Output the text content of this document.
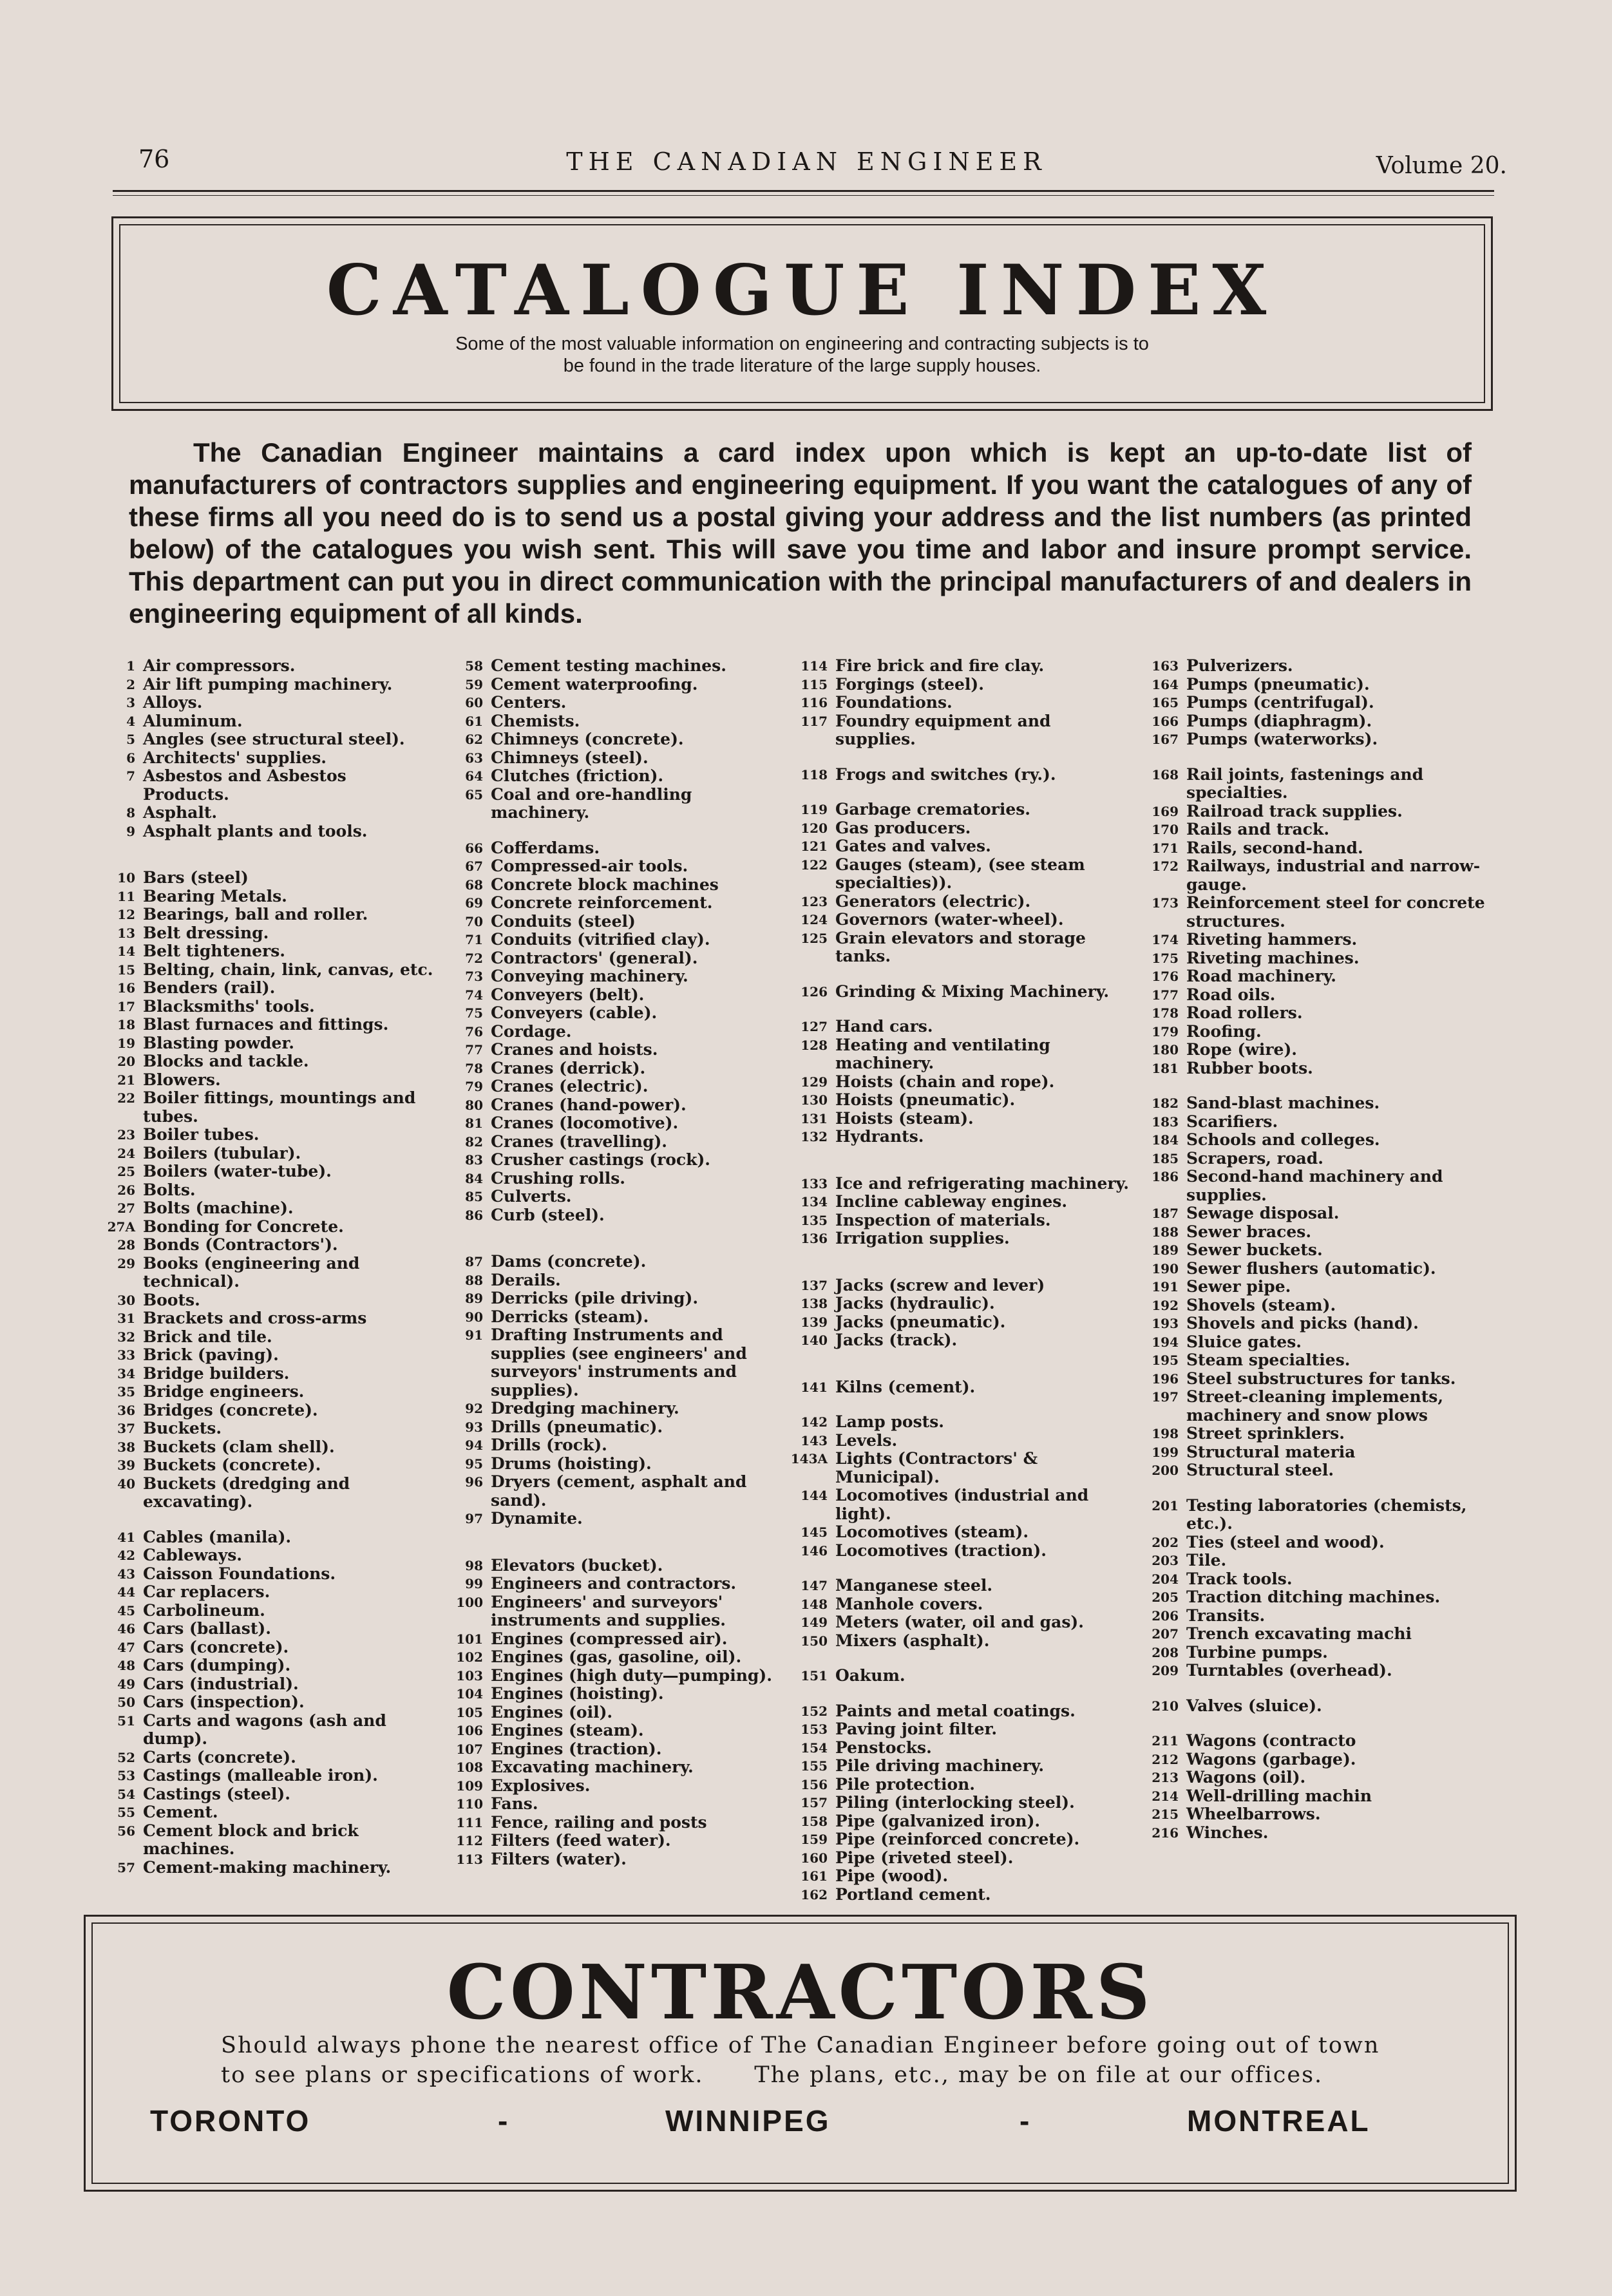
76	THE CANADIAN ENGINEER	Volume 20.
CATALOGUE INDEX
Some of the most valuable information on engineering and contracting subjects is to
be found in the trade literature of the large supply houses.
The Canadian Engineer maintains a card index upon which is kept an up-to-date list of manufacturers of contractors supplies and engineering equipment. If you want the catalogues of any of these firms all you need do is to send us a postal giving your address and the list numbers (as printed below) of the catalogues you wish sent. This will save you time and labor and insure prompt service. This department can put you in direct communication with the principal manufacturers of and dealers in engineering equipment of all kinds.
1 Air compressors.
2 Air lift pumping machinery.
3 Alloys.
4 Aluminum.
5 Angles (see structural steel).
6 Architects' supplies.
7 Asbestos and Asbestos Products.
8 Asphalt.
9 Asphalt plants and tools.
10 Bars (steel)
11 Bearing Metals.
12 Bearings, ball and roller.
13 Belt dressing.
14 Belt tighteners.
15 Belting, chain, link, canvas, etc.
16 Benders (rail).
17 Blacksmiths' tools.
18 Blast furnaces and fittings.
19 Blasting powder.
20 Blocks and tackle.
21 Blowers.
22 Boiler fittings, mountings and tubes.
23 Boiler tubes.
24 Boilers (tubular).
25 Boilers (water-tube).
26 Bolts.
27 Bolts (machine).
27A Bonding for Concrete.
28 Bonds (Contractors').
29 Books (engineering and technical).
30 Boots.
31 Brackets and cross-arms
32 Brick and tile.
33 Brick (paving).
34 Bridge builders.
35 Bridge engineers.
36 Bridges (concrete).
37 Buckets.
38 Buckets (clam shell).
39 Buckets (concrete).
40 Buckets (dredging and excavating).
41 Cables (manila).
42 Cableways.
43 Caisson Foundations.
44 Car replacers.
45 Carbolineum.
46 Cars (ballast).
47 Cars (concrete).
48 Cars (dumping).
49 Cars (industrial).
50 Cars (inspection).
51 Carts and wagons (ash and dump).
52 Carts (concrete).
53 Castings (malleable iron).
54 Castings (steel).
55 Cement.
56 Cement block and brick machines.
57 Cement-making machinery.
58 Cement testing machines.
59 Cement waterproofing.
60 Centers.
61 Chemists.
62 Chimneys (concrete).
63 Chimneys (steel).
64 Clutches (friction).
65 Coal and ore-handling machinery.
66 Cofferdams.
67 Compressed-air tools.
68 Concrete block machines
69 Concrete reinforcement.
70 Conduits (steel)
71 Conduits (vitrified clay).
72 Contractors' (general).
73 Conveying machinery.
74 Conveyers (belt).
75 Conveyers (cable).
76 Cordage.
77 Cranes and hoists.
78 Cranes (derrick).
79 Cranes (electric).
80 Cranes (hand-power).
81 Cranes (locomotive).
82 Cranes (travelling).
83 Crusher castings (rock).
84 Crushing rolls.
85 Culverts.
86 Curb (steel).
87 Dams (concrete).
88 Derails.
89 Derricks (pile driving).
90 Derricks (steam).
91 Drafting Instruments and supplies (see engineers' and surveyors' instruments and supplies).
92 Dredging machinery.
93 Drills (pneumatic).
94 Drills (rock).
95 Drums (hoisting).
96 Dryers (cement, asphalt and sand).
97 Dynamite.
98 Elevators (bucket).
99 Engineers and contractors.
100 Engineers' and surveyors' instruments and supplies.
101 Engines (compressed air).
102 Engines (gas, gasoline, oil).
103 Engines (high duty—pumping).
104 Engines (hoisting).
105 Engines (oil).
106 Engines (steam).
107 Engines (traction).
108 Excavating machinery.
109 Explosives.
110 Fans.
111 Fence, railing and posts
112 Filters (feed water).
113 Filters (water).
114 Fire brick and fire clay.
115 Forgings (steel).
116 Foundations.
117 Foundry equipment and supplies.
118 Frogs and switches (ry.).
119 Garbage crematories.
120 Gas producers.
121 Gates and valves.
122 Gauges (steam), (see steam specialties)).
123 Generators (electric).
124 Governors (water-wheel).
125 Grain elevators and storage tanks.
126 Grinding & Mixing Machinery.
127 Hand cars.
128 Heating and ventilating machinery.
129 Hoists (chain and rope).
130 Hoists (pneumatic).
131 Hoists (steam).
132 Hydrants.
133 Ice and refrigerating machinery.
134 Incline cableway engines.
135 Inspection of materials.
136 Irrigation supplies.
137 Jacks (screw and lever)
138 Jacks (hydraulic).
139 Jacks (pneumatic).
140 Jacks (track).
141 Kilns (cement).
142 Lamp posts.
143 Levels.
143A Lights (Contractors' & Municipal).
144 Locomotives (industrial and light).
145 Locomotives (steam).
146 Locomotives (traction).
147 Manganese steel.
148 Manhole covers.
149 Meters (water, oil and gas).
150 Mixers (asphalt).
151 Oakum.
152 Paints and metal coatings.
153 Paving joint filter.
154 Penstocks.
155 Pile driving machinery.
156 Pile protection.
157 Piling (interlocking steel).
158 Pipe (galvanized iron).
159 Pipe (reinforced concrete).
160 Pipe (riveted steel).
161 Pipe (wood).
162 Portland cement.
163 Pulverizers.
164 Pumps (pneumatic).
165 Pumps (centrifugal).
166 Pumps (diaphragm).
167 Pumps (waterworks).
168 Rail joints, fastenings and specialties.
169 Railroad track supplies.
170 Rails and track.
171 Rails, second-hand.
172 Railways, industrial and narrow-gauge.
173 Reinforcement steel for concrete structures.
174 Riveting hammers.
175 Riveting machines.
176 Road machinery.
177 Road oils.
178 Road rollers.
179 Roofing.
180 Rope (wire).
181 Rubber boots.
182 Sand-blast machines.
183 Scarifiers.
184 Schools and colleges.
185 Scrapers, road.
186 Second-hand machinery and supplies.
187 Sewage disposal.
188 Sewer braces.
189 Sewer buckets.
190 Sewer flushers (automatic).
191 Sewer pipe.
192 Shovels (steam).
193 Shovels and picks (hand).
194 Sluice gates.
195 Steam specialties.
196 Steel substructures for tanks.
197 Street-cleaning implements, machinery and snow plows
198 Street sprinklers.
199 Structural materia
200 Structural steel.
201 Testing laboratories (chemists, etc.).
202 Ties (steel and wood).
203 Tile.
204 Track tools.
205 Traction ditching machines.
206 Transits.
207 Trench excavating machi
208 Turbine pumps.
209 Turntables (overhead).
210 Valves (sluice).
211 Wagons (contracto
212 Wagons (garbage).
213 Wagons (oil).
214 Well-drilling machin
215 Wheelbarrows.
216 Winches.
CONTRACTORS
Should always phone the nearest office of The Canadian Engineer before going out of town
to see plans or specifications of work.      The plans, etc., may be on file at our offices.
TORONTO	-	WINNIPEG	-	MONTREAL
